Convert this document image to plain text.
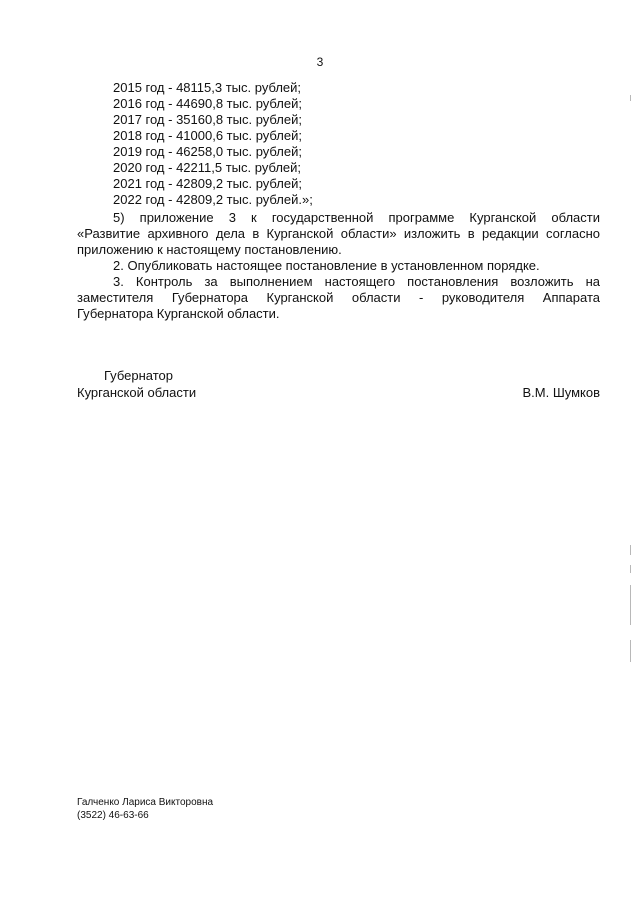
3
2015 год - 48115,3 тыс. рублей;
2016 год - 44690,8 тыс. рублей;
2017 год - 35160,8 тыс. рублей;
2018 год - 41000,6 тыс. рублей;
2019 год - 46258,0 тыс. рублей;
2020 год - 42211,5 тыс. рублей;
2021 год - 42809,2 тыс. рублей;
2022 год - 42809,2 тыс. рублей.»;
5) приложение 3 к государственной программе Курганской области
«Развитие архивного дела в Курганской области» изложить в редакции согласно
приложению к настоящему постановлению.
2. Опубликовать настоящее постановление в установленном порядке.
3. Контроль за выполнением настоящего постановления возложить на
заместителя Губернатора Курганской области - руководителя Аппарата
Губернатора Курганской области.
Губернатор
Курганской области	В.М. Шумков
Галченко Лариса Викторовна
(3522) 46-63-66
